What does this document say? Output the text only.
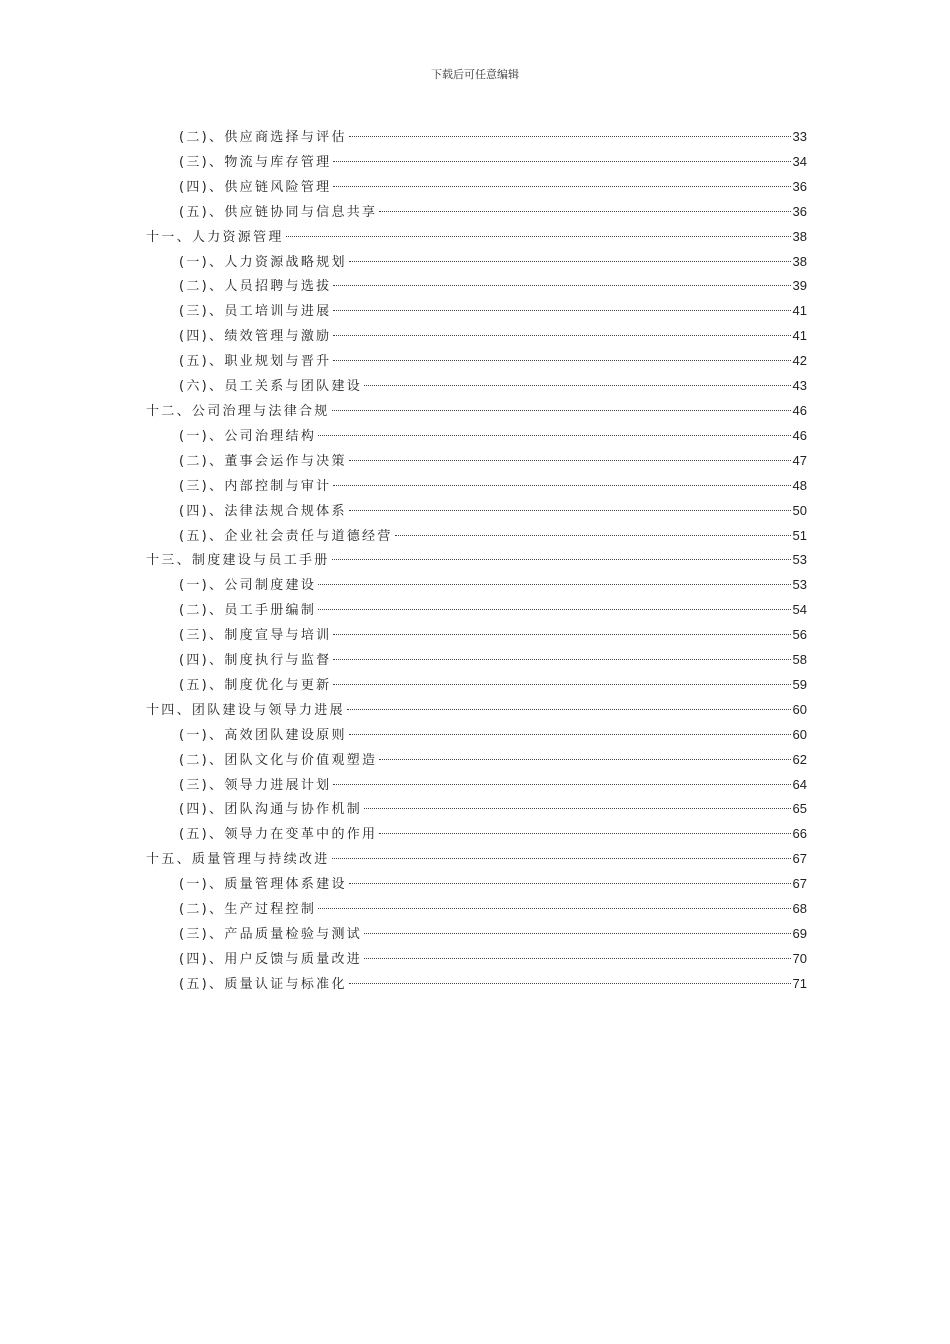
下载后可任意编辑
(二)、供应商选择与评估	33
(三)、物流与库存管理	34
(四)、供应链风险管理	36
(五)、供应链协同与信息共享	36
十一、人力资源管理	38
(一)、人力资源战略规划	38
(二)、人员招聘与选拔	39
(三)、员工培训与进展	41
(四)、绩效管理与激励	41
(五)、职业规划与晋升	42
(六)、员工关系与团队建设	43
十二、公司治理与法律合规	46
(一)、公司治理结构	46
(二)、董事会运作与决策	47
(三)、内部控制与审计	48
(四)、法律法规合规体系	50
(五)、企业社会责任与道德经营	51
十三、制度建设与员工手册	53
(一)、公司制度建设	53
(二)、员工手册编制	54
(三)、制度宣导与培训	56
(四)、制度执行与监督	58
(五)、制度优化与更新	59
十四、团队建设与领导力进展	60
(一)、高效团队建设原则	60
(二)、团队文化与价值观塑造	62
(三)、领导力进展计划	64
(四)、团队沟通与协作机制	65
(五)、领导力在变革中的作用	66
十五、质量管理与持续改进	67
(一)、质量管理体系建设	67
(二)、生产过程控制	68
(三)、产品质量检验与测试	69
(四)、用户反馈与质量改进	70
(五)、质量认证与标准化	71
